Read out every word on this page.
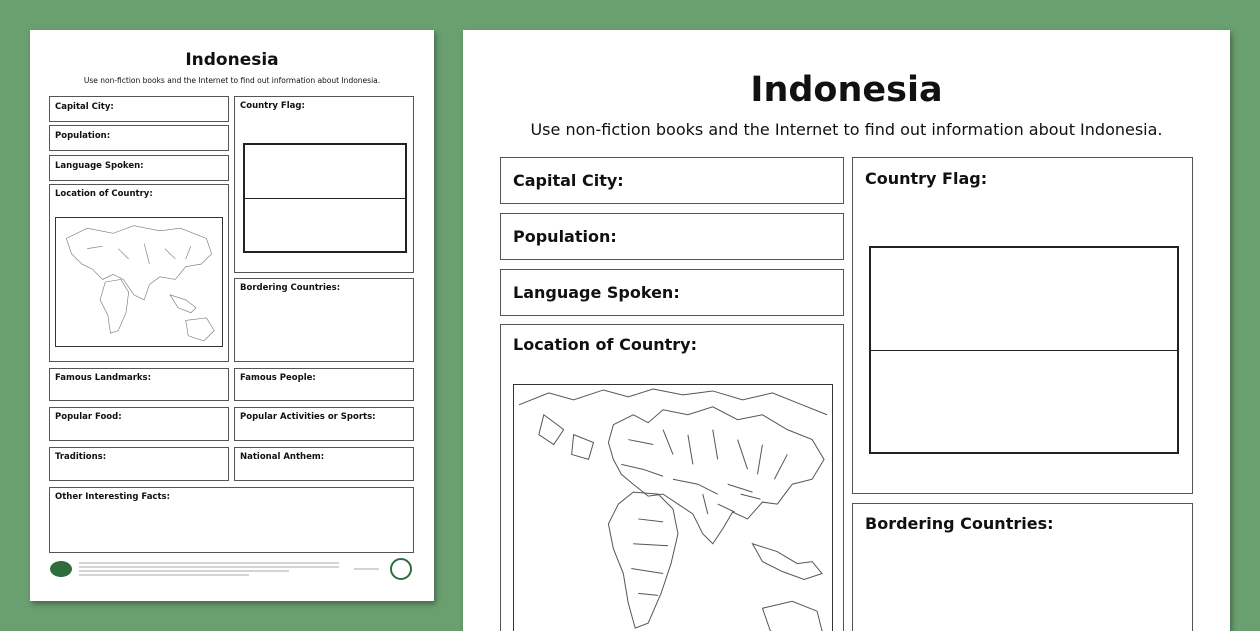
Indonesia
Use non-fiction books and the Internet to find out information about Indonesia.
Capital City:
Population:
Language Spoken:
Location of Country:
Country Flag:
Bordering Countries:
Famous Landmarks:	Famous People:
Popular Food:	Popular Activities or Sports:
Traditions:	National Anthem:
Other Interesting Facts:
Indonesia
Use non-fiction books and the Internet to find out information about Indonesia.
Capital City:
Population:
Language Spoken:
Location of Country:
Country Flag:
Bordering Countries:
